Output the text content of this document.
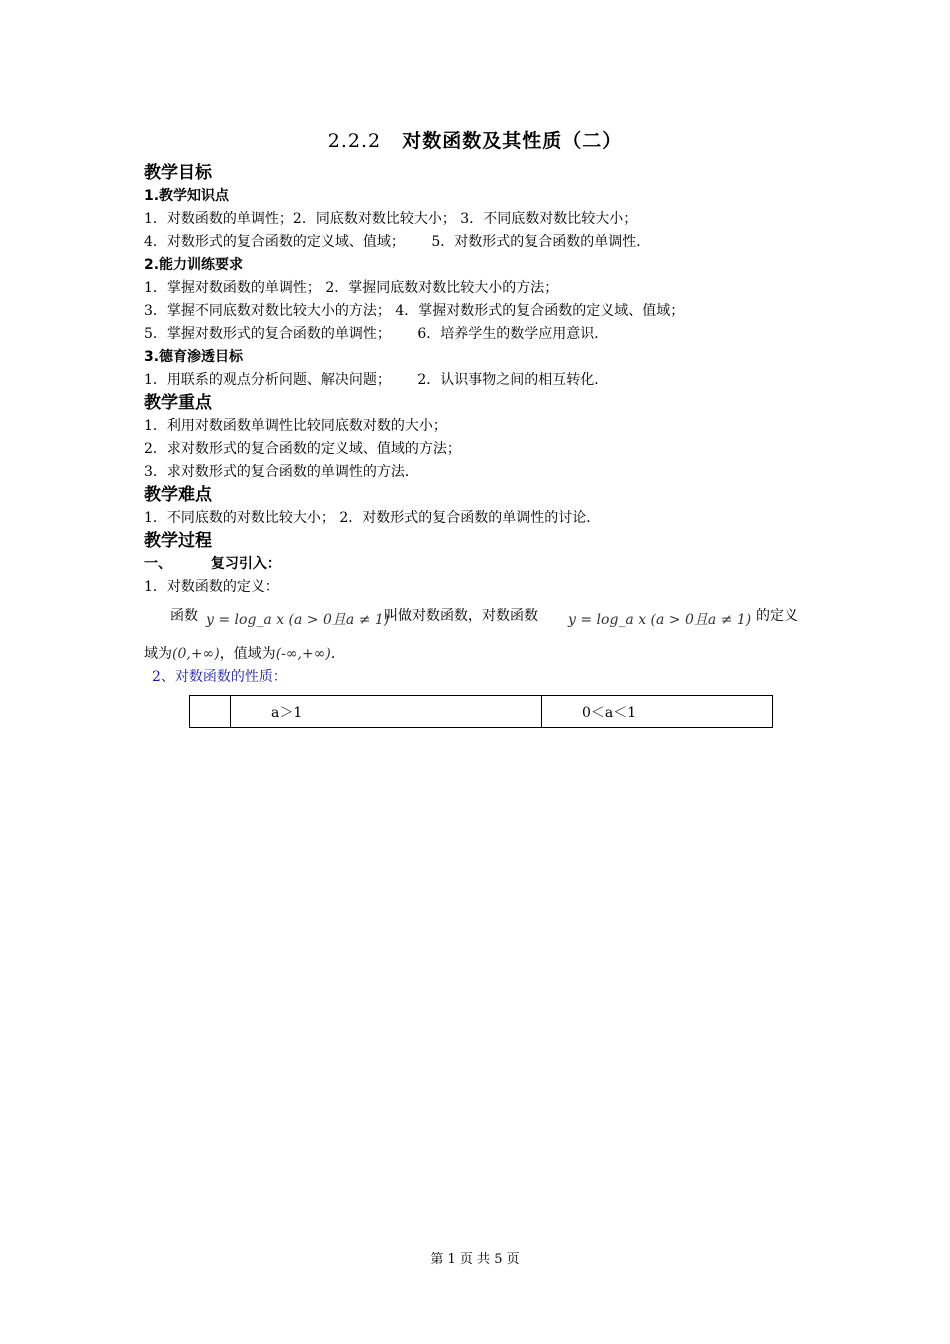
2.2.2 对数函数及其性质（二）
教学目标
1.教学知识点
1．对数函数的单调性；2．同底数对数比较大小； 3．不同底数对数比较大小；
4．对数形式的复合函数的定义域、值域； 5．对数形式的复合函数的单调性．
2.能力训练要求
1．掌握对数函数的单调性； 2．掌握同底数对数比较大小的方法；
3．掌握不同底数对数比较大小的方法； 4．掌握对数形式的复合函数的定义域、值域；
5．掌握对数形式的复合函数的单调性； 6．培养学生的数学应用意识．
3.德育渗透目标
1．用联系的观点分析问题、解决问题； 2．认识事物之间的相互转化．
教学重点
1．利用对数函数单调性比较同底数对数的大小；
2．求对数形式的复合函数的定义域、值域的方法；
3．求对数形式的复合函数的单调性的方法．
教学难点
1．不同底数的对数比较大小； 2．对数形式的复合函数的单调性的讨论．
教学过程
一、	复习引入：
1．对数函数的定义：
函数 y = log_a x (a > 0且a ≠ 1)
叫做对数函数，对数函数 y = log_a x (a > 0且a ≠ 1) 的定义
域为(0,+∞)，值域为(-∞,+∞)．
2、对数函数的性质：
	a＞1	0＜a＜1
第 1 页 共 5 页
